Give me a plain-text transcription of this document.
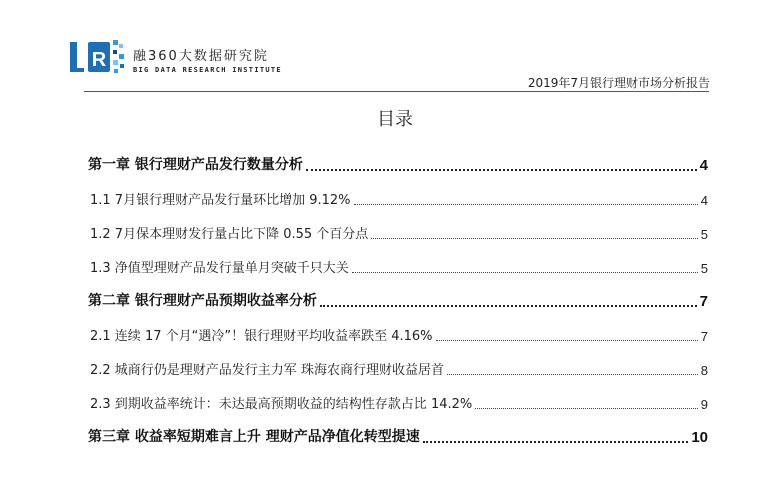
R 融360大数据研究院
BIG DATA RESEARCH INSTITUTE
2019年7月银行理财市场分析报告
目录
第一章 银行理财产品发行数量分析	4
1.1 7月银行理财产品发行量环比增加 9.12%	4
1.2 7月保本理财发行量占比下降 0.55 个百分点	5
1.3 净值型理财产品发行量单月突破千只大关	5
第二章 银行理财产品预期收益率分析	7
2.1 连续 17 个月“遇冷”！银行理财平均收益率跌至 4.16%	7
2.2 城商行仍是理财产品发行主力军 珠海农商行理财收益居首	8
2.3 到期收益率统计：未达最高预期收益的结构性存款占比 14.2%	9
第三章 收益率短期难言上升 理财产品净值化转型提速	10
